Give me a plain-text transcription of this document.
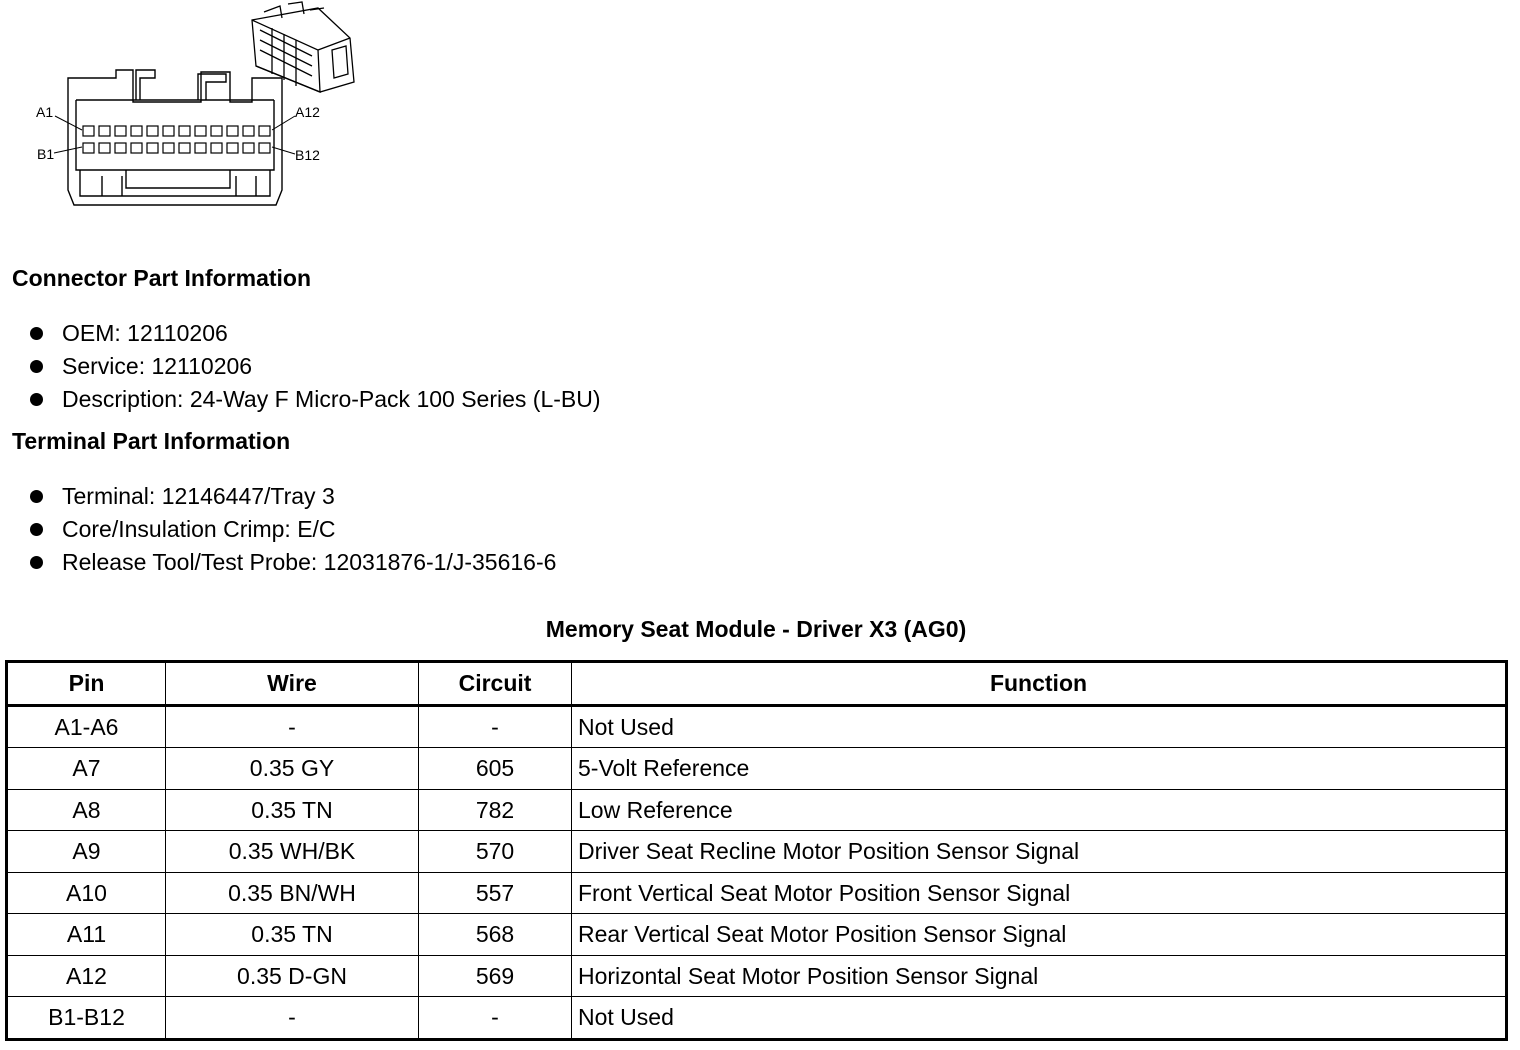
A1
B1
A12
B12
Connector Part Information
OEM: 12110206
Service: 12110206
Description: 24-Way F Micro-Pack 100 Series (L-BU)
Terminal Part Information
Terminal: 12146447/Tray 3
Core/Insulation Crimp: E/C
Release Tool/Test Probe: 12031876-1/J-35616-6
Memory Seat Module - Driver X3 (AG0)
Pin	Wire	Circuit	Function
A1-A6	-	-	Not Used
A7	0.35 GY	605	5-Volt Reference
A8	0.35 TN	782	Low Reference
A9	0.35 WH/BK	570	Driver Seat Recline Motor Position Sensor Signal
A10	0.35 BN/WH	557	Front Vertical Seat Motor Position Sensor Signal
A11	0.35 TN	568	Rear Vertical Seat Motor Position Sensor Signal
A12	0.35 D-GN	569	Horizontal Seat Motor Position Sensor Signal
B1-B12	-	-	Not Used
